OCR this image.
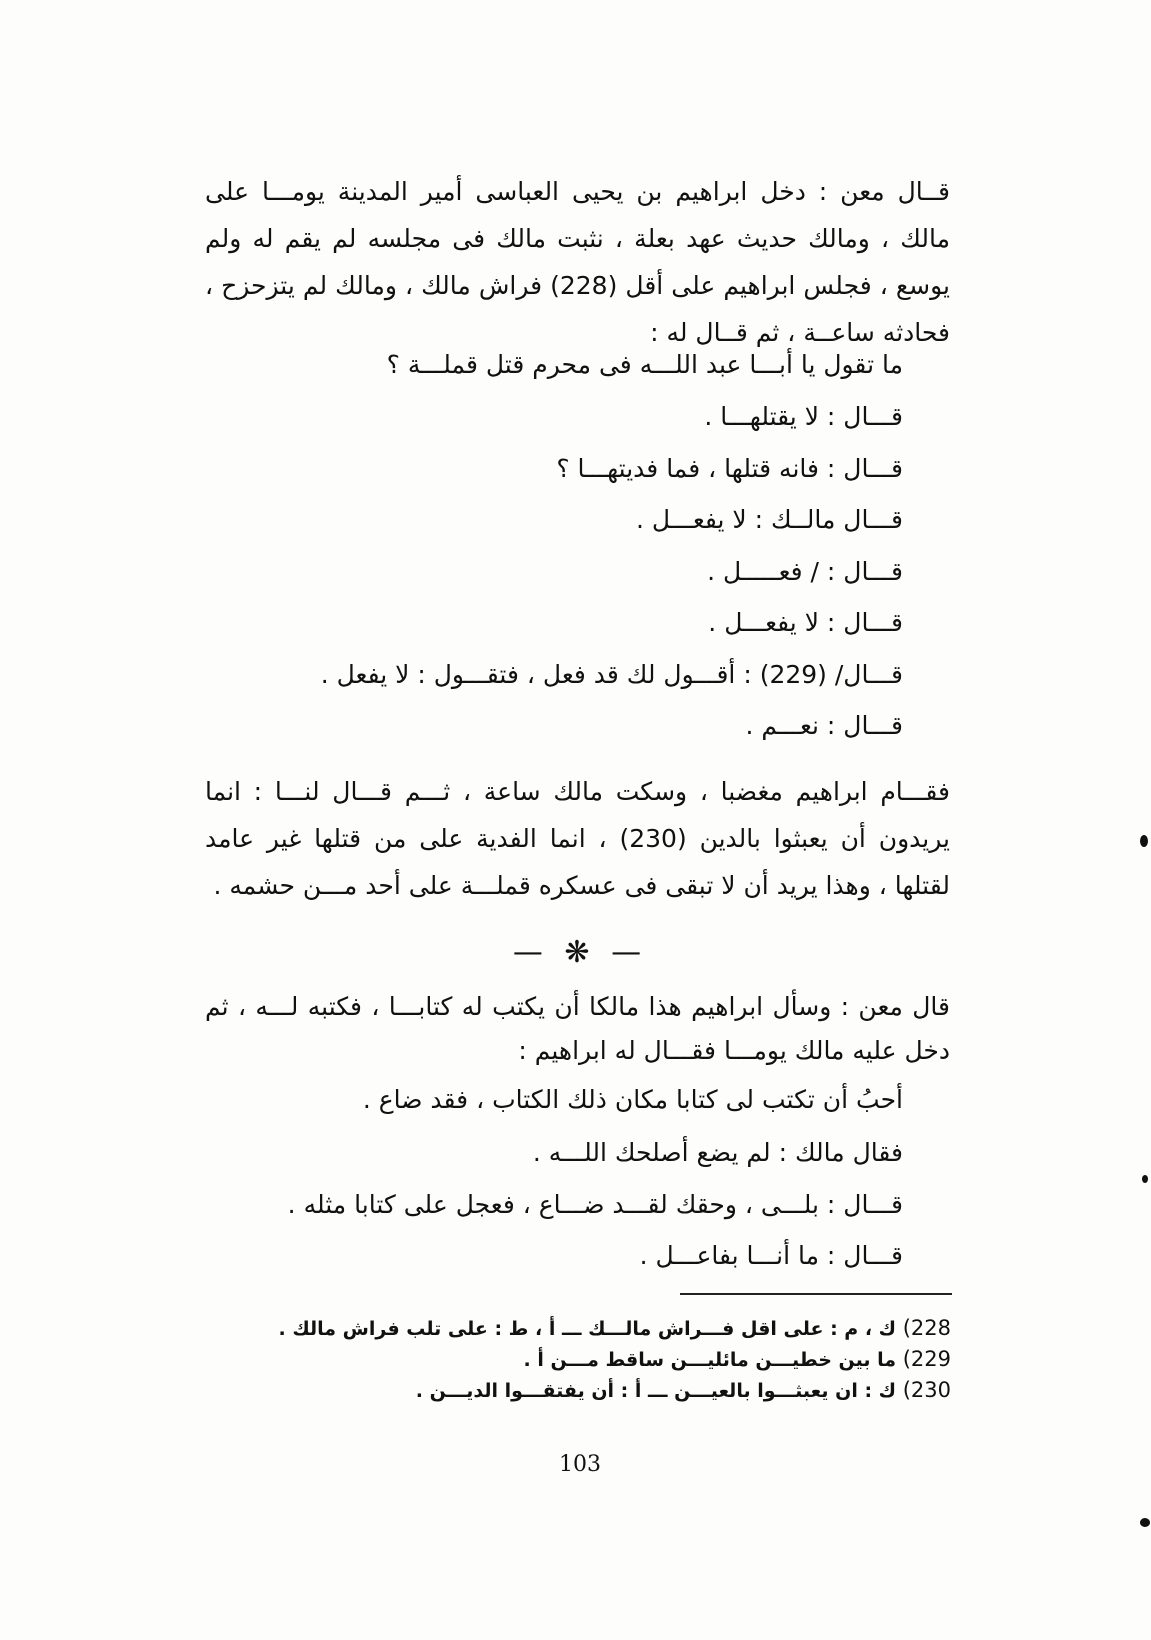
قــال معن : دخل ابراهيم بن يحيى العباسى أمير المدينة يومـــا على مالك ، ومالك حديث عهد بعلة ، نثبت مالك فى مجلسه لم يقم له ولم يوسع ، فجلس ابراهيم على أقل (228) فراش مالك ، ومالك لم يتزحزح ، فحادثه ساعــة ، ثم قــال له :
ما تقول يا أبـــا عبد اللـــه فى محرم قتل قملـــة ؟
قـــال : لا يقتلهـــا .
قـــال : فانه قتلها ، فما فديتهـــا ؟
قـــال مالــك : لا يفعـــل .
قـــال : / فعـــــل .
قـــال : لا يفعـــل .
قـــال/ (229) : أقـــول لك قد فعل ، فتقـــول : لا يفعل .
قـــال : نعـــم .
فقـــام ابراهيم مغضبا ، وسكت مالك ساعة ، ثـــم قـــال لنـــا : انما يريدون أن يعبثوا بالدين (230) ، انما الفدية على من قتلها غير عامد لقتلها ، وهذا يريد أن لا تبقى فى عسكره قملـــة على أحد مـــن حشمه .
— ❋ —
قال معن : وسأل ابراهيم هذا مالكا أن يكتب له كتابـــا ، فكتبه لـــه ، ثم دخل عليه مالك يومـــا فقـــال له ابراهيم :
أحبُ أن تكتب لى كتابا مكان ذلك الكتاب ، فقد ضاع .
فقال مالك : لم يضع أصلحك اللـــه .
قـــال : بلـــى ، وحقك لقـــد ضـــاع ، فعجل على كتابا مثله .
قـــال : ما أنـــا بفاعـــل .
228) ك ، م : على اقل فـــراش مالـــك ـــ أ ، ط : على تلب فراش مالك .
229) ما بين خطيـــن مائليـــن ساقط مـــن أ .
230) ك : ان يعبثـــوا بالعيـــن ـــ أ : أن يفتقـــوا الديـــن .
103
